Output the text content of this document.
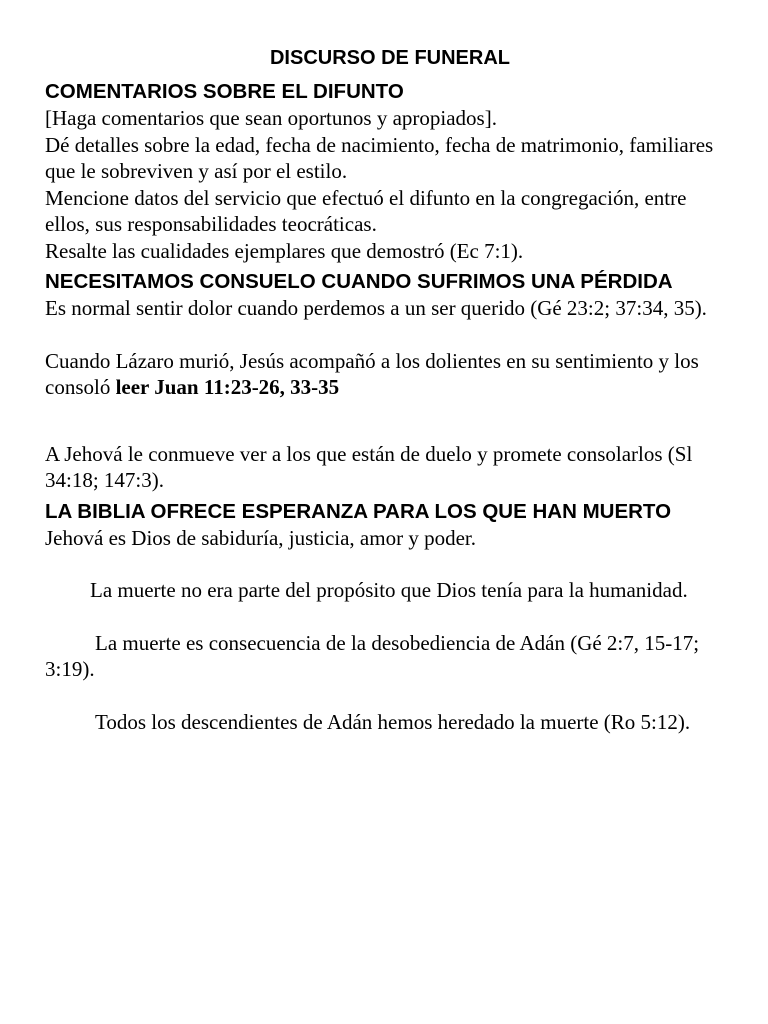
DISCURSO DE FUNERAL
COMENTARIOS SOBRE EL DIFUNTO

[Haga comentarios que sean oportunos y apropiados].

Dé detalles sobre la edad, fecha de nacimiento, fecha de matrimonio, familiares que le sobreviven y así por el estilo.

Mencione datos del servicio que efectuó el difunto en la congregación, entre ellos, sus responsabilidades teocráticas.

Resalte las cualidades ejemplares que demostró (Ec 7:1).

NECESITAMOS CONSUELO CUANDO SUFRIMOS UNA PÉRDIDA

Es normal sentir dolor cuando perdemos a un ser querido (Gé 23:2; 37:34, 35).

Cuando Lázaro murió, Jesús acompañó a los dolientes en su sentimiento y los consoló leer Juan 11:23-26, 33-35

A Jehová le conmueve ver a los que están de duelo y promete consolarlos (Sl 34:18; 147:3).

LA BIBLIA OFRECE ESPERANZA PARA LOS QUE HAN MUERTO

Jehová es Dios de sabiduría, justicia, amor y poder.

La muerte no era parte del propósito que Dios tenía para la humanidad.

La muerte es consecuencia de la desobediencia de Adán (Gé 2:7, 15-17; 3:19).

Todos los descendientes de Adán hemos heredado la muerte (Ro 5:12).
